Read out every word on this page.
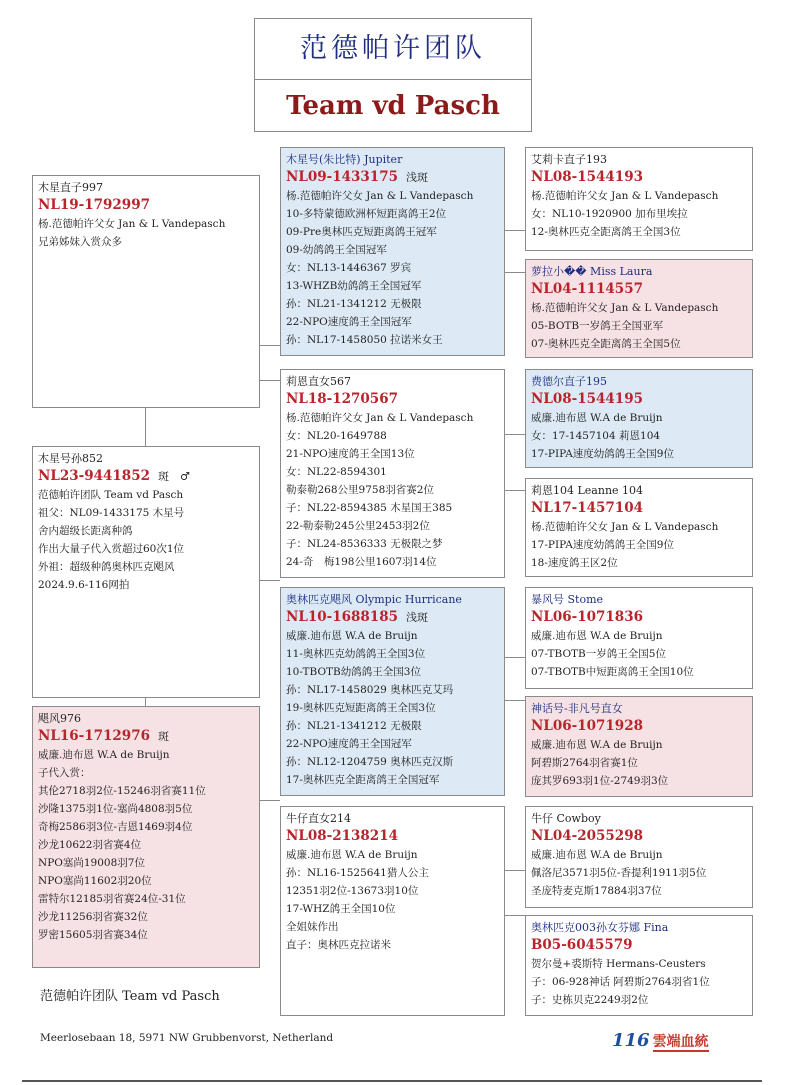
范德帕许团队
Team vd Pasch
木星直子997
NL19-1792997
杨.范德帕许父女 Jan & L Vandepasch
兄弟姊妹入赏众多
木星号孙852
NL23-9441852 斑　♂
范德帕许团队 Team vd Pasch
祖父：NL09-1433175 木星号
舍内超级长距离种鸽
作出大量子代入赏超过60次1位
外祖：超级种鸽奥林匹克飓风
2024.9.6-116网拍
飓风976
NL16-1712976 斑
威廉.迪布恩 W.A de Bruijn
子代入赏：
其伦2718羽2位-15246羽省赛11位
沙隆1375羽1位-塞尚4808羽5位
奇梅2586羽3位-吉恩1469羽4位
沙龙10622羽省赛4位
NPO塞尚19008羽7位
NPO塞尚11602羽20位
雷特尔12185羽省赛24位-31位
沙龙11256羽省赛32位
罗密15605羽省赛34位
木星号(朱比特) Jupiter
NL09-1433175 浅斑
杨.范德帕许父女 Jan & L Vandepasch
10-多特蒙德欧洲杯短距离鸽王2位
09-Pre奥林匹克短距离鸽王冠军
09-幼鸽鸽王全国冠军
女：NL13-1446367 罗宾
13-WHZB幼鸽鸽王全国冠军
孙：NL21-1341212 无极限
22-NPO速度鸽王全国冠军
孙：NL17-1458050 拉诺米女王
莉恩直女567
NL18-1270567
杨.范德帕许父女 Jan & L Vandepasch
女：NL20-1649788
21-NPO速度鸽王全国13位
女：NL22-8594301
勒泰勒268公里9758羽省赛2位
子：NL22-8594385 木星国王385
22-勒泰勒245公里2453羽2位
子：NL24-8536333 无极限之梦
24-奇　梅198公里1607羽14位
奥林匹克飓风 Olympic Hurricane
NL10-1688185 浅斑
威廉.迪布恩 W.A de Bruijn
11-奥林匹克幼鸽鸽王全国3位
10-TBOTB幼鸽鸽王全国3位
孙：NL17-1458029 奥林匹克艾玛
19-奥林匹克短距离鸽王全国3位
孙：NL21-1341212 无极限
22-NPO速度鸽王全国冠军
孙：NL12-1204759 奥林匹克汉斯
17-奥林匹克全距离鸽王全国冠军
牛仔直女214
NL08-2138214
威廉.迪布恩 W.A de Bruijn
孙：NL16-1525641猎人公主
12351羽2位-13673羽10位
17-WHZ鸽王全国10位
全姐妹作出
直子：奥林匹克拉诺米
艾莉卡直子193
NL08-1544193
杨.范德帕许父女 Jan & L Vandepasch
女：NL10-1920900 加布里埃拉
12-奥林匹克全距离鸽王全国3位
萝拉小�� Miss Laura
NL04-1114557
杨.范德帕许父女 Jan & L Vandepasch
05-BOTB一岁鸽王全国亚军
07-奥林匹克全距离鸽王全国5位
费德尔直子195
NL08-1544195
威廉.迪布恩 W.A de Bruijn
女：17-1457104 莉恩104
17-PIPA速度幼鸽鸽王全国9位
莉恩104 Leanne 104
NL17-1457104
杨.范德帕许父女 Jan & L Vandepasch
17-PIPA速度幼鸽鸽王全国9位
18-速度鸽王区2位
暴风号 Stome
NL06-1071836
威廉.迪布恩 W.A de Bruijn
07-TBOTB一岁鸽王全国5位
07-TBOTB中短距离鸽王全国10位
神话号-非凡号直女
NL06-1071928
威廉.迪布恩 W.A de Bruijn
阿碧斯2764羽省赛1位
庞其罗693羽1位-2749羽3位
牛仔 Cowboy
NL04-2055298
威廉.迪布恩 W.A de Bruijn
佩洛尼3571羽5位-香提利1911羽5位
圣庞特麦克斯17884羽37位
奥林匹克003孙女芬娜 Fina
B05-6045579
贺尔曼+裘斯特 Hermans-Ceusters
子：06-928神话 阿碧斯2764羽省1位
子：史栋贝克2249羽2位
范德帕许团队 Team vd Pasch
Meerlosebaan 18, 5971 NW Grubbenvorst, Netherland	116 雲端血統
